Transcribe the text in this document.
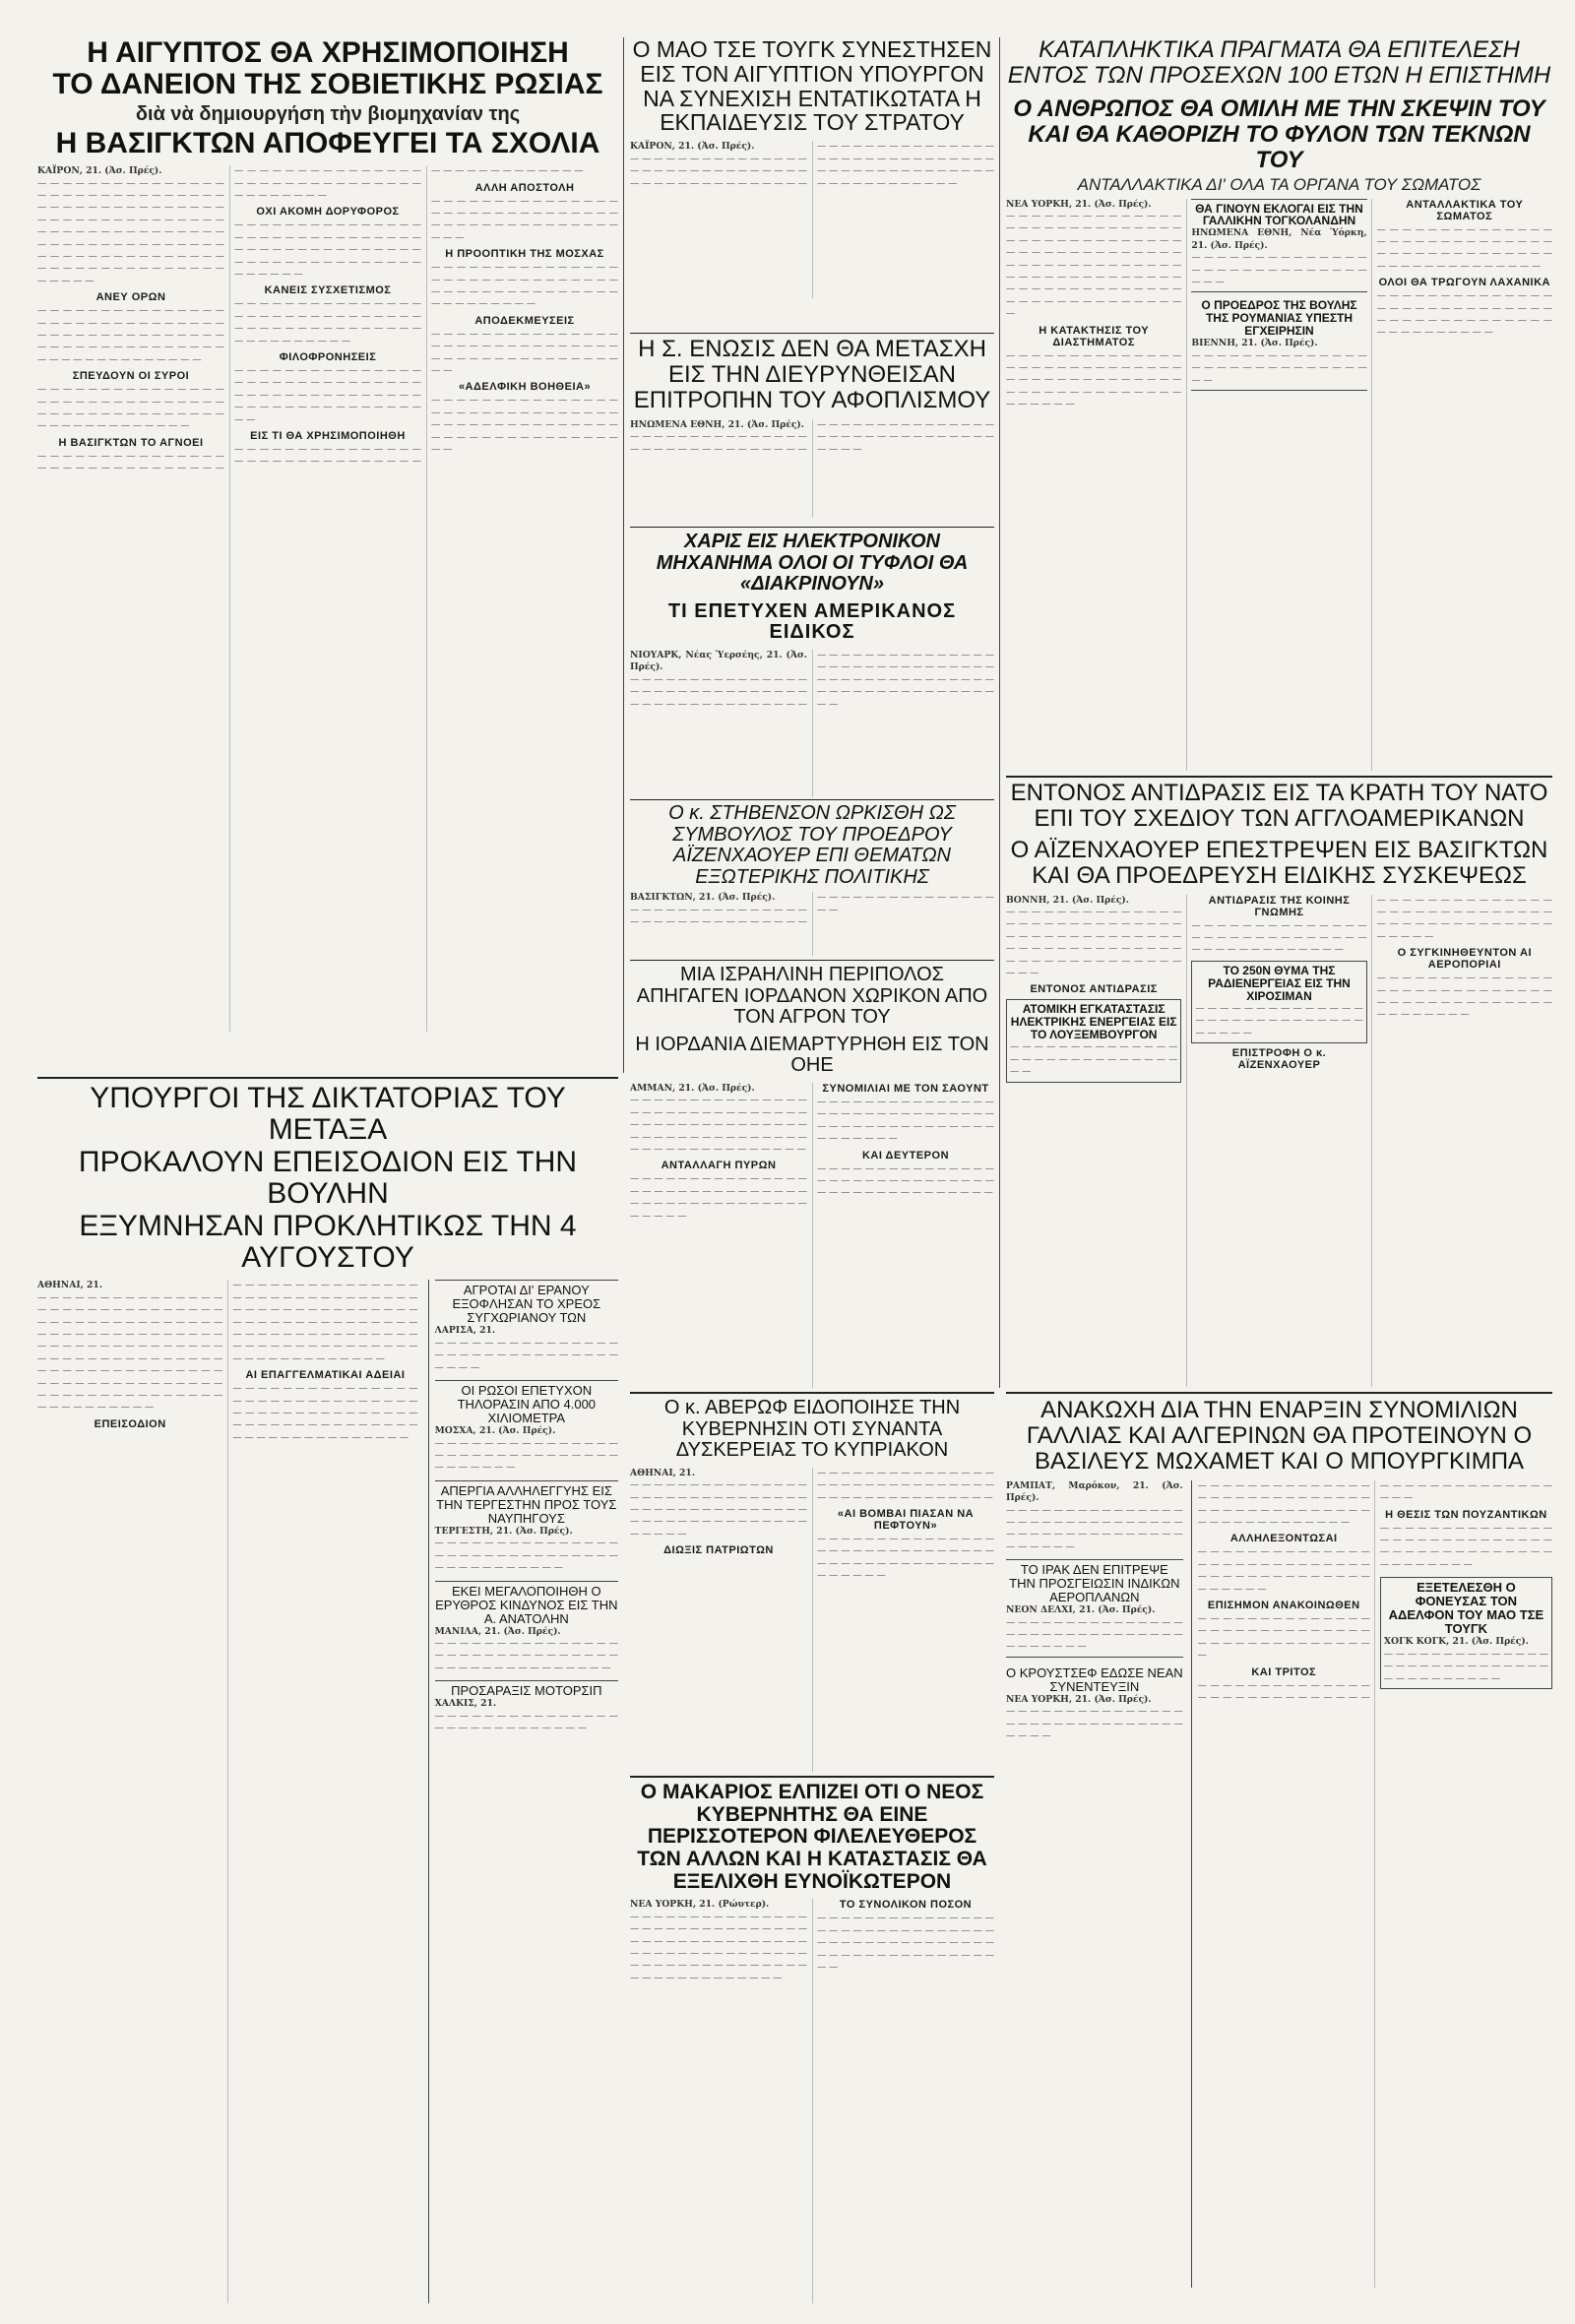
Η ΑΙΓΥΠΤΟΣ ΘΑ ΧΡΗΣΙΜΟΠΟΙΗΣΗ
ΤΟ ΔΑΝΕΙΟΝ ΤΗΣ ΣΟΒΙΕΤΙΚΗΣ ΡΩΣΙΑΣ

διὰ νὰ δημιουργήση τὴν βιομηχανίαν της

Η ΒΑΣΙΓΚΤΩΝ ΑΠΟΦΕΥΓΕΙ ΤΑ ΣΧΟΛΙΑ

ΚΑΪΡΟΝ, 21. (Ἀσ. Πρές).

— — — — — — — — — — — — — — — — — — — — — — — — — — — — — — — — — — — — — — — — — — — — — — — — — — — — — — — — — — — — — — — — — — — — — — — — — — — — — — — — — — — — — — — — — — — — — — — — — — — — — — — — — — — — — — — — — — — — — — — — — — — — —

ΑΝΕΥ ΟΡΩΝ

— — — — — — — — — — — — — — — — — — — — — — — — — — — — — — — — — — — — — — — — — — — — — — — — — — — — — — — — — — — — — — — — — — — — — — — — — —

ΣΠΕΥΔΟΥΝ ΟΙ ΣΥΡΟΙ

— — — — — — — — — — — — — — — — — — — — — — — — — — — — — — — — — — — — — — — — — — — — — — — — — — — — — — — — — —

Η ΒΑΣΙΓΚΤΩΝ ΤΟ ΑΓΝΟΕΙ

— — — — — — — — — — — — — — — — — — — — — — — — — — — — — — — — — — — — — — — — — — — — — — — — — — — — — — — — — — — — — — — — — — — —

ΟΧΙ ΑΚΟΜΗ ΔΟΡΥΦΟΡΟΣ

— — — — — — — — — — — — — — — — — — — — — — — — — — — — — — — — — — — — — — — — — — — — — — — — — — — — — — — — — — — — — — — — — —

ΚΑΝΕΙΣ ΣΥΣΧΕΤΙΣΜΟΣ

— — — — — — — — — — — — — — — — — — — — — — — — — — — — — — — — — — — — — — — — — — — — — — — — — — — — — — —

ΦΙΛΟΦΡΟΝΗΣΕΙΣ

— — — — — — — — — — — — — — — — — — — — — — — — — — — — — — — — — — — — — — — — — — — — — — — — — — — — — — — — — — — — — —

ΕΙΣ ΤΙ ΘΑ ΧΡΗΣΙΜΟΠΟΙΗΘΗ

— — — — — — — — — — — — — — — — — — — — — — — — — — — — — — — — — — — — — — — — — — —

ΑΛΛΗ ΑΠΟΣΤΟΛΗ

— — — — — — — — — — — — — — — — — — — — — — — — — — — — — — — — — — — — — — — — — — — — — — — —

Η ΠΡΟΟΠΤΙΚΗ ΤΗΣ ΜΟΣΧΑΣ

— — — — — — — — — — — — — — — — — — — — — — — — — — — — — — — — — — — — — — — — — — — — — — — — — — — — — —

ΑΠΟΔΕΚΜΕΥΣΕΙΣ

— — — — — — — — — — — — — — — — — — — — — — — — — — — — — — — — — — — — — — — — — — — — — — —

«ΑΔΕΛΦΙΚΗ ΒΟΗΘΕΙΑ»

— — — — — — — — — — — — — — — — — — — — — — — — — — — — — — — — — — — — — — — — — — — — — — — — — — — — — — — — — — — — — —

Ο ΜΑΟ ΤΣΕ ΤΟΥΓΚ ΣΥΝΕΣΤΗΣΕΝ ΕΙΣ ΤΟΝ ΑΙΓΥΠΤΙΟΝ ΥΠΟΥΡΓΟΝ ΝΑ ΣΥΝΕΧΙΣΗ ΕΝΤΑΤΙΚΩΤΑΤΑ Η ΕΚΠΑΙΔΕΥΣΙΣ ΤΟΥ ΣΤΡΑΤΟΥ

ΚΑΪΡΟΝ, 21. (Ἀσ. Πρές).

— — — — — — — — — — — — — — — — — — — — — — — — — — — — — — — — — — — — — — — — — — — — — — — — — — — — — — — — — — — — — — — — — — — — — — — — — — — — — — — — — — — — — — — — — — — — — — — — — — — — — —

Η Σ. ΕΝΩΣΙΣ ΔΕΝ ΘΑ ΜΕΤΑΣΧΗ ΕΙΣ ΤΗΝ ΔΙΕΥΡΥΝΘΕΙΣΑΝ ΕΠΙΤΡΟΠΗΝ ΤΟΥ ΑΦΟΠΛΙΣΜΟΥ

ΗΝΩΜΕΝΑ ΕΘΝΗ, 21. (Ἀσ. Πρές).

— — — — — — — — — — — — — — — — — — — — — — — — — — — — — — — — — — — — — — — — — — — — — — — — — — — — — — — — — — — — — — — —

ΧΑΡΙΣ ΕΙΣ ΗΛΕΚΤΡΟΝΙΚΟΝ ΜΗΧΑΝΗΜΑ ΟΛΟΙ ΟΙ ΤΥΦΛΟΙ ΘΑ «ΔΙΑΚΡΙΝΟΥΝ»
ΤΙ ΕΠΕΤΥΧΕΝ ΑΜΕΡΙΚΑΝΟΣ ΕΙΔΙΚΟΣ

ΝΙΟΥΑΡΚ, Νέας Ὑερσέης, 21. (Ἀσ. Πρές).

— — — — — — — — — — — — — — — — — — — — — — — — — — — — — — — — — — — — — — — — — — — — — — — — — — — — — — — — — — — — — — — — — — — — — — — — — — — — — — — — — — — — — — — — — — — — — — — — — — — — — — — — — — —

Ο κ. ΣΤΗΒΕΝΣΟΝ ΩΡΚΙΣΘΗ ΩΣ ΣΥΜΒΟΥΛΟΣ ΤΟΥ ΠΡΟΕΔΡΟΥ ΑΪΖΕΝΧΑΟΥΕΡ ΕΠΙ ΘΕΜΑΤΩΝ ΕΞΩΤΕΡΙΚΗΣ ΠΟΛΙΤΙΚΗΣ

ΒΑΣΙΓΚΤΩΝ, 21. (Ἀσ. Πρές).

— — — — — — — — — — — — — — — — — — — — — — — — — — — — — — — — — — — — — — — — — — — — — — —

ΜΙΑ ΙΣΡΑΗΛΙΝΗ ΠΕΡΙΠΟΛΟΣ ΑΠΗΓΑΓΕΝ ΙΟΡΔΑΝΟΝ ΧΩΡΙΚΟΝ ΑΠΟ ΤΟΝ ΑΓΡΟΝ ΤΟΥ
Η ΙΟΡΔΑΝΙΑ ΔΙΕΜΑΡΤΥΡΗΘΗ ΕΙΣ ΤΟΝ ΟΗΕ

ΑΜΜΑΝ, 21. (Ἀσ. Πρές).

— — — — — — — — — — — — — — — — — — — — — — — — — — — — — — — — — — — — — — — — — — — — — — — — — — — — — — — — — — — — — — — — — — — — — — — — — — —

ΑΝΤΑΛΛΑΓΗ ΠΥΡΩΝ

— — — — — — — — — — — — — — — — — — — — — — — — — — — — — — — — — — — — — — — — — — — — — — — — — —

ΣΥΝΟΜΙΛΙΑΙ ΜΕ ΤΟΝ ΣΑΟΥΝΤ

— — — — — — — — — — — — — — — — — — — — — — — — — — — — — — — — — — — — — — — — — — — — — — — — — — — —

ΚΑΙ ΔΕΥΤΕΡΟΝ

— — — — — — — — — — — — — — — — — — — — — — — — — — — — — — — — — — — — — — — — — — — — —

ΚΑΤΑΠΛΗΚΤΙΚΑ ΠΡΑΓΜΑΤΑ ΘΑ ΕΠΙΤΕΛΕΣΗ ΕΝΤΟΣ ΤΩΝ ΠΡΟΣΕΧΩΝ 100 ΕΤΩΝ Η ΕΠΙΣΤΗΜΗ
Ο ΑΝΘΡΩΠΟΣ ΘΑ ΟΜΙΛΗ ΜΕ ΤΗΝ ΣΚΕΨΙΝ ΤΟΥ ΚΑΙ ΘΑ ΚΑΘΟΡΙΖΗ ΤΟ ΦΥΛΟΝ ΤΩΝ ΤΕΚΝΩΝ ΤΟΥ

ΑΝΤΑΛΛΑΚΤΙΚΑ ΔΙ' ΟΛΑ ΤΑ ΟΡΓΑΝΑ ΤΟΥ ΣΩΜΑΤΟΣ

ΝΕΑ ΥΟΡΚΗ, 21. (Ἀσ. Πρές).

— — — — — — — — — — — — — — — — — — — — — — — — — — — — — — — — — — — — — — — — — — — — — — — — — — — — — — — — — — — — — — — — — — — — — — — — — — — — — — — — — — — — — — — — — — — — — — — — — — — — — — — — — — — — — — — — —

Η ΚΑΤΑΚΤΗΣΙΣ ΤΟΥ ΔΙΑΣΤΗΜΑΤΟΣ

— — — — — — — — — — — — — — — — — — — — — — — — — — — — — — — — — — — — — — — — — — — — — — — — — — — — — — — — — — — — — —

ΘΑ ΓΙΝΟΥΝ ΕΚΛΟΓΑΙ ΕΙΣ ΤΗΝ ΓΑΛΛΙΚΗΝ ΤΟΓΚΟΛΑΝΔΗΝ

ΗΝΩΜΕΝΑ ΕΘΝΗ, Νέα Ὑόρκη, 21. (Ἀσ. Πρές).

— — — — — — — — — — — — — — — — — — — — — — — — — — — — — — —

Ο ΠΡΟΕΔΡΟΣ ΤΗΣ ΒΟΥΛΗΣ ΤΗΣ ΡΟΥΜΑΝΙΑΣ ΥΠΕΣΤΗ ΕΓΧΕΙΡΗΣΙΝ

ΒΙΕΝΝΗ, 21. (Ἀσ. Πρές).

— — — — — — — — — — — — — — — — — — — — — — — — — — — — — —

ΑΝΤΑΛΛΑΚΤΙΚΑ ΤΟΥ ΣΩΜΑΤΟΣ

— — — — — — — — — — — — — — — — — — — — — — — — — — — — — — — — — — — — — — — — — — — — — — — — — — — — — — — —

ΟΛΟΙ ΘΑ ΤΡΩΓΟΥΝ ΛΑΧΑΝΙΚΑ

— — — — — — — — — — — — — — — — — — — — — — — — — — — — — — — — — — — — — — — — — — — — — — — — — — — —

ΕΝΤΟΝΟΣ ΑΝΤΙΔΡΑΣΙΣ ΕΙΣ ΤΑ ΚΡΑΤΗ ΤΟΥ ΝΑΤΟ ΕΠΙ ΤΟΥ ΣΧΕΔΙΟΥ ΤΩΝ ΑΓΓΛΟΑΜΕΡΙΚΑΝΩΝ
Ο ΑΪΖΕΝΧΑΟΥΕΡ ΕΠΕΣΤΡΕΨΕΝ ΕΙΣ ΒΑΣΙΓΚΤΩΝ ΚΑΙ ΘΑ ΠΡΟΕΔΡΕΥΣΗ ΕΙΔΙΚΗΣ ΣΥΣΚΕΨΕΩΣ

ΒΟΝΝΗ, 21. (Ἀσ. Πρές).

— — — — — — — — — — — — — — — — — — — — — — — — — — — — — — — — — — — — — — — — — — — — — — — — — — — — — — — — — — — — — — — — — — — — — — — — —

ΕΝΤΟΝΟΣ ΑΝΤΙΔΡΑΣΙΣ

ΑΤΟΜΙΚΗ ΕΓΚΑΤΑΣΤΑΣΙΣ ΗΛΕΚΤΡΙΚΗΣ ΕΝΕΡΓΕΙΑΣ ΕΙΣ ΤΟ ΛΟΥΞΕΜΒΟΥΡΓΟΝ

— — — — — — — — — — — — — — — — — — — — — — — — — — — — — —

ΑΝΤΙΔΡΑΣΙΣ ΤΗΣ ΚΟΙΝΗΣ ΓΝΩΜΗΣ

— — — — — — — — — — — — — — — — — — — — — — — — — — — — — — — — — — — — — — — — —

ΤΟ 250Ν ΘΥΜΑ ΤΗΣ ΡΑΔΙΕΝΕΡΓΕΙΑΣ ΕΙΣ ΤΗΝ ΧΙΡΟΣΙΜΑΝ

— — — — — — — — — — — — — — — — — — — — — — — — — — — — — — — — —

ΕΠΙΣΤΡΟΦΗ Ο κ. ΑΪΖΕΝΧΑΟΥΕΡ

— — — — — — — — — — — — — — — — — — — — — — — — — — — — — — — — — — — — — — — — — — — — — — —

Ο ΣΥΓΚΙΝΗΘΕΥΝΤΟΝ ΑΙ ΑΕΡΟΠΟΡΙΑΙ

— — — — — — — — — — — — — — — — — — — — — — — — — — — — — — — — — — — — — — — — — — — — — — — — — —

ΥΠΟΥΡΓΟΙ ΤΗΣ ΔΙΚΤΑΤΟΡΙΑΣ ΤΟΥ ΜΕΤΑΞΑ
ΠΡΟΚΑΛΟΥΝ ΕΠΕΙΣΟΔΙΟΝ ΕΙΣ ΤΗΝ ΒΟΥΛΗΝ
ΕΞΥΜΝΗΣΑΝ ΠΡΟΚΛΗΤΙΚΩΣ ΤΗΝ 4 ΑΥΓΟΥΣΤΟΥ

ΑΘΗΝΑΙ, 21.

— — — — — — — — — — — — — — — — — — — — — — — — — — — — — — — — — — — — — — — — — — — — — — — — — — — — — — — — — — — — — — — — — — — — — — — — — — — — — — — — — — — — — — — — — — — — — — — — — — — — — — — — — — — — — — — — — — — — — — — — — — — — — — — — — — — — — — — — — — — — — — — — —

ΕΠΕΙΣΟΔΙΟΝ

— — — — — — — — — — — — — — — — — — — — — — — — — — — — — — — — — — — — — — — — — — — — — — — — — — — — — — — — — — — — — — — — — — — — — — — — — — — — — — — — — — — — — — — — — — — — — — — — — — — — — — —

ΑΙ ΕΠΑΓΓΕΛΜΑΤΙΚΑΙ ΑΔΕΙΑΙ

— — — — — — — — — — — — — — — — — — — — — — — — — — — — — — — — — — — — — — — — — — — — — — — — — — — — — — — — — — — — — — — — — — — — — — — — — — —

ΑΓΡΟΤΑΙ ΔΙ' ΕΡΑΝΟΥ ΕΞΟΦΛΗΣΑΝ ΤΟ ΧΡΕΟΣ ΣΥΓΧΩΡΙΑΝΟΥ ΤΩΝ

ΛΑΡΙΣΑ, 21.

— — — — — — — — — — — — — — — — — — — — — — — — — — — — — — — — — —

ΟΙ ΡΩΣΟΙ ΕΠΕΤΥΧΟΝ ΤΗΛΟΡΑΣΙΝ ΑΠΟ 4.000 ΧΙΛΙΟΜΕΤΡΑ

ΜΟΣΧΑ, 21. (Ἀσ. Πρές).

— — — — — — — — — — — — — — — — — — — — — — — — — — — — — — — — — — — — —

ΑΠΕΡΓΙΑ ΑΛΛΗΛΕΓΓΥΗΣ ΕΙΣ ΤΗΝ ΤΕΡΓΕΣΤΗΝ ΠΡΟΣ ΤΟΥΣ ΝΑΥΠΗΓΟΥΣ

ΤΕΡΓΕΣΤΗ, 21. (Ἀσ. Πρές).

— — — — — — — — — — — — — — — — — — — — — — — — — — — — — — — — — — — — — — — — —

ΕΚΕΙ ΜΕΓΑΛΟΠΟΙΗΘΗ Ο ΕΡΥΘΡΟΣ ΚΙΝΔΥΝΟΣ ΕΙΣ ΤΗΝ Α. ΑΝΑΤΟΛΗΝ

ΜΑΝΙΛΑ, 21. (Ἀσ. Πρές).

— — — — — — — — — — — — — — — — — — — — — — — — — — — — — — — — — — — — — — — — — — — — —

ΠΡΟΣΑΡΑΞΙΣ ΜΟΤΟΡΣΙΠ

ΧΑΛΚΙΣ, 21.

— — — — — — — — — — — — — — — — — — — — — — — — — — — —

Ο κ. ΑΒΕΡΩΦ ΕΙΔΟΠΟΙΗΣΕ ΤΗΝ ΚΥΒΕΡΝΗΣΙΝ ΟΤΙ ΣΥΝΑΝΤΑ ΔΥΣΚΕΡΕΙΑΣ ΤΟ ΚΥΠΡΙΑΚΟΝ

ΑΘΗΝΑΙ, 21.

— — — — — — — — — — — — — — — — — — — — — — — — — — — — — — — — — — — — — — — — — — — — — — — — — — — — — — — — — — — — — — — — —

ΔΙΩΞΙΣ ΠΑΤΡΙΩΤΩΝ

— — — — — — — — — — — — — — — — — — — — — — — — — — — — — — — — — — — — — — — — — — — — —

«ΑΙ ΒΟΜΒΑΙ ΠΙΑΣΑΝ ΝΑ ΠΕΦΤΟΥΝ»

— — — — — — — — — — — — — — — — — — — — — — — — — — — — — — — — — — — — — — — — — — — — — — — — — — —

Ο ΜΑΚΑΡΙΟΣ ΕΛΠΙΖΕΙ ΟΤΙ Ο ΝΕΟΣ ΚΥΒΕΡΝΗΤΗΣ ΘΑ ΕΙΝΕ ΠΕΡΙΣΣΟΤΕΡΟΝ ΦΙΛΕΛΕΥΘΕΡΟΣ ΤΩΝ ΑΛΛΩΝ ΚΑΙ Η ΚΑΤΑΣΤΑΣΙΣ ΘΑ ΕΞΕΛΙΧΘΗ ΕΥΝΟΪΚΩΤΕΡΟΝ

ΝΕΑ ΥΟΡΚΗ, 21. (Ρώυτερ).

— — — — — — — — — — — — — — — — — — — — — — — — — — — — — — — — — — — — — — — — — — — — — — — — — — — — — — — — — — — — — — — — — — — — — — — — — — — — — — — — — — — — — — — —

ΤΟ ΣΥΝΟΛΙΚΟΝ ΠΟΣΟΝ

— — — — — — — — — — — — — — — — — — — — — — — — — — — — — — — — — — — — — — — — — — — — — — — — — — — — — — — — — — — — — —

ΑΝΑΚΩΧΗ ΔΙΑ ΤΗΝ ΕΝΑΡΞΙΝ ΣΥΝΟΜΙΛΙΩΝ ΓΑΛΛΙΑΣ ΚΑΙ ΑΛΓΕΡΙΝΩΝ ΘΑ ΠΡΟΤΕΙΝΟΥΝ Ο ΒΑΣΙΛΕΥΣ ΜΩΧΑΜΕΤ ΚΑΙ Ο ΜΠΟΥΡΓΚΙΜΠΑ

ΡΑΜΠΑΤ, Μαρόκον, 21. (Ἀσ. Πρές).

— — — — — — — — — — — — — — — — — — — — — — — — — — — — — — — — — — — — — — — — — — — — — — — — — — —

ΤΟ ΙΡΑΚ ΔΕΝ ΕΠΙΤΡΕΨΕ ΤΗΝ ΠΡΟΣΓΕΙΩΣΙΝ ΙΝΔΙΚΩΝ ΑΕΡΟΠΛΑΝΩΝ

ΝΕΟΝ ΔΕΛΧΙ, 21. (Ἀσ. Πρές).

— — — — — — — — — — — — — — — — — — — — — — — — — — — — — — — — — — — — —

Ο ΚΡΟΥΣΤΣΕΦ ΕΔΩΣΕ ΝΕΑΝ ΣΥΝΕΝΤΕΥΞΙΝ

ΝΕΑ ΥΟΡΚΗ, 21. (Ἀσ. Πρές).

— — — — — — — — — — — — — — — — — — — — — — — — — — — — — — — — — —

— — — — — — — — — — — — — — — — — — — — — — — — — — — — — — — — — — — — — — — — — — — — — — — — — — — — — — —

ΑΛΛΗΛΕΞΟΝΤΩΣΑΙ

— — — — — — — — — — — — — — — — — — — — — — — — — — — — — — — — — — — — — — — — — — — — — — — —

ΕΠΙΣΗΜΟΝ ΑΝΑΚΟΙΝΩΘΕΝ

— — — — — — — — — — — — — — — — — — — — — — — — — — — — — — — — — — — — — — — — — — —

ΚΑΙ ΤΡΙΤΟΣ

— — — — — — — — — — — — — — — — — — — — — — — — — — — — — — — — — — — — — — — — — — — — —

Η ΘΕΣΙΣ ΤΩΝ ΠΟΥΖΑΝΤΙΚΩΝ

— — — — — — — — — — — — — — — — — — — — — — — — — — — — — — — — — — — — — — — — — — — — — — — — — —

ΕΞΕΤΕΛΕΣΘΗ Ο ΦΟΝΕΥΣΑΣ ΤΟΝ ΑΔΕΛΦΟΝ ΤΟΥ ΜΑΟ ΤΣΕ ΤΟΥΓΚ

ΧΟΓΚ ΚΟΓΚ, 21. (Ἀσ. Πρές).

— — — — — — — — — — — — — — — — — — — — — — — — — — — — — — — — — — — — — —
